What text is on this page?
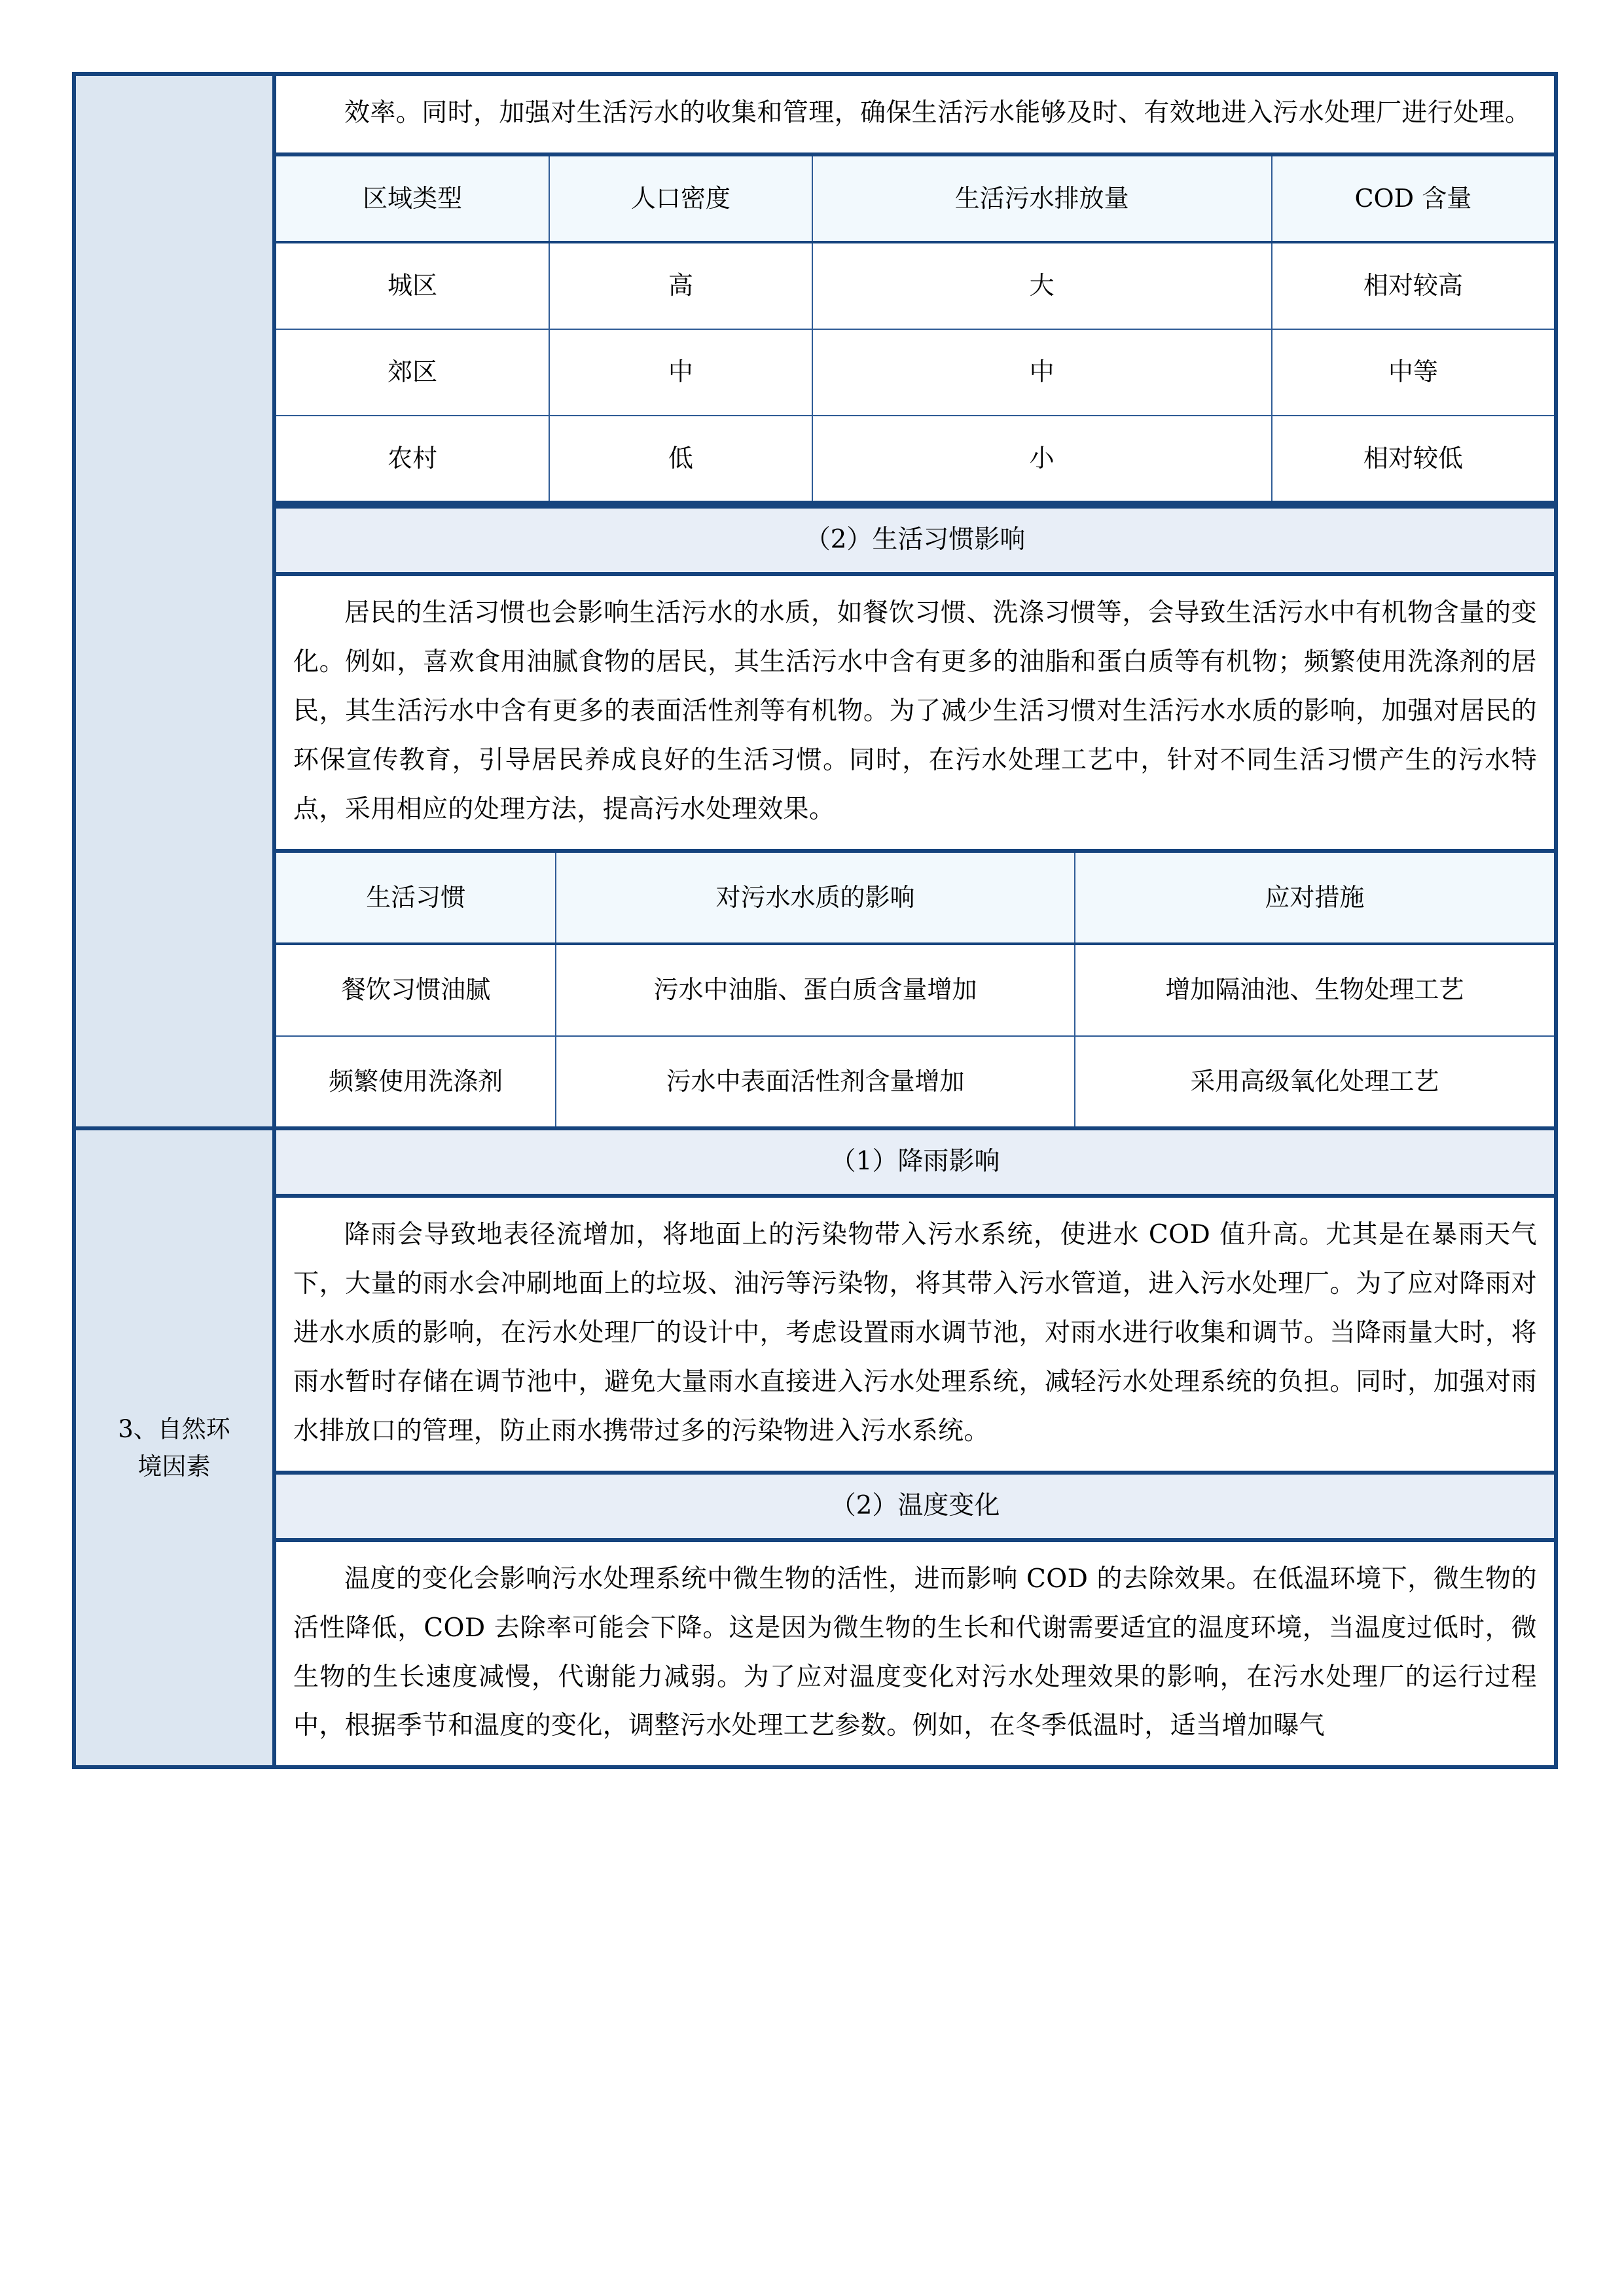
效率。同时，加强对生活污水的收集和管理，确保生活污水能够及时、有效地进入污水处理厂进行处理。

区域类型	人口密度	生活污水排放量	COD 含量
城区	高	大	相对较高
郊区	中	中	中等
农村	低	小	相对较低
（2）生活习惯影响

居民的生活习惯也会影响生活污水的水质，如餐饮习惯、洗涤习惯等，会导致生活污水中有机物含量的变化。例如，喜欢食用油腻食物的居民，其生活污水中含有更多的油脂和蛋白质等有机物；频繁使用洗涤剂的居民，其生活污水中含有更多的表面活性剂等有机物。为了减少生活习惯对生活污水水质的影响，加强对居民的环保宣传教育，引导居民养成良好的生活习惯。同时，在污水处理工艺中，针对不同生活习惯产生的污水特点，采用相应的处理方法，提高污水处理效果。

生活习惯	对污水水质的影响	应对措施
餐饮习惯油腻	污水中油脂、蛋白质含量增加	增加隔油池、生物处理工艺
频繁使用洗涤剂	污水中表面活性剂含量增加	采用高级氧化处理工艺

3、自然环
境因素

（1）降雨影响

降雨会导致地表径流增加，将地面上的污染物带入污水系统，使进水 COD 值升高。尤其是在暴雨天气下，大量的雨水会冲刷地面上的垃圾、油污等污染物，将其带入污水管道，进入污水处理厂。为了应对降雨对进水水质的影响，在污水处理厂的设计中，考虑设置雨水调节池，对雨水进行收集和调节。当降雨量大时，将雨水暂时存储在调节池中，避免大量雨水直接进入污水处理系统，减轻污水处理系统的负担。同时，加强对雨水排放口的管理，防止雨水携带过多的污染物进入污水系统。

（2）温度变化

温度的变化会影响污水处理系统中微生物的活性，进而影响 COD 的去除效果。在低温环境下，微生物的活性降低，COD 去除率可能会下降。这是因为微生物的生长和代谢需要适宜的温度环境，当温度过低时，微生物的生长速度减慢，代谢能力减弱。为了应对温度变化对污水处理效果的影响，在污水处理厂的运行过程中，根据季节和温度的变化，调整污水处理工艺参数。例如，在冬季低温时，适当增加曝气
